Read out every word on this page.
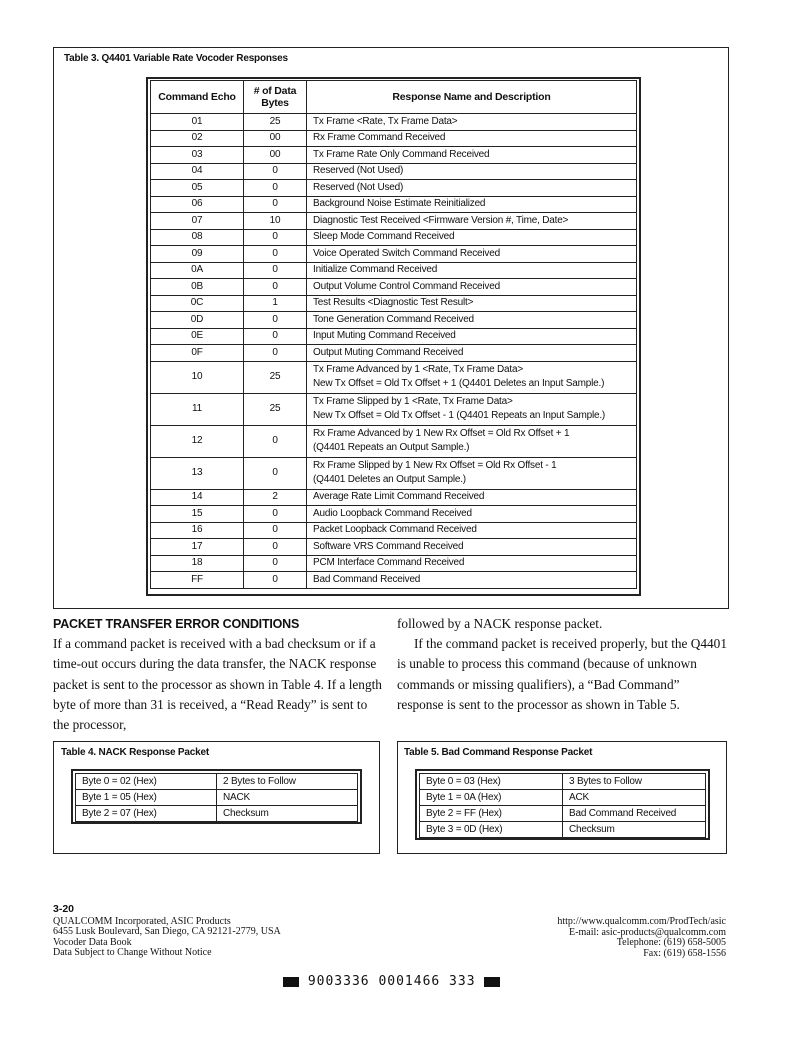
Table 3. Q4401 Variable Rate Vocoder Responses
Command Echo	# of Data Bytes	Response Name and Description
01	25	Tx Frame <Rate, Tx Frame Data>

02	00	Rx Frame Command Received

03	00	Tx Frame Rate Only Command Received

04	0	Reserved (Not Used)

05	0	Reserved (Not Used)

06	0	Background Noise Estimate Reinitialized

07	10	Diagnostic Test Received <Firmware Version #, Time, Date>

08	0	Sleep Mode Command Received

09	0	Voice Operated Switch Command Received

0A	0	Initialize Command Received

0B	0	Output Volume Control Command Received

0C	1	Test Results <Diagnostic Test Result>

0D	0	Tone Generation Command Received

0E	0	Input Muting Command Received

0F	0	Output Muting Command Received

10	25	Tx Frame Advanced by 1 <Rate, Tx Frame Data>
New Tx Offset = Old Tx Offset + 1 (Q4401 Deletes an Input Sample.)

11	25	Tx Frame Slipped by 1 <Rate, Tx Frame Data>
New Tx Offset = Old Tx Offset - 1 (Q4401 Repeats an Input Sample.)

12	0	Rx Frame Advanced by 1 New Rx Offset = Old Rx Offset + 1
(Q4401 Repeats an Output Sample.)

13	0	Rx Frame Slipped by 1 New Rx Offset = Old Rx Offset - 1
(Q4401 Deletes an Output Sample.)

14	2	Average Rate Limit Command Received

15	0	Audio Loopback Command Received

16	0	Packet Loopback Command Received

17	0	Software VRS Command Received

18	0	PCM Interface Command Received

FF	0	Bad Command Received
PACKET TRANSFER ERROR CONDITIONS

If a command packet is received with a bad checksum or if a time-out occurs during the data transfer, the NACK response packet is sent to the processor as shown in Table 4. If a length byte of more than 31 is received, a “Read Ready” is sent to the processor,

followed by a NACK response packet.

If the command packet is received properly, but the Q4401 is unable to process this command (because of unknown commands or missing qualifiers), a “Bad Command” response is sent to the processor as shown in Table 5.

Table 4. NACK Response Packet
Byte 0 = 02 (Hex)	2 Bytes to Follow
Byte 1 = 05 (Hex)	NACK
Byte 2 = 07 (Hex)	Checksum
Table 5. Bad Command Response Packet
Byte 0 = 03 (Hex)	3 Bytes to Follow
Byte 1 = 0A (Hex)	ACK
Byte 2 = FF (Hex)	Bad Command Received
Byte 3 = 0D (Hex)	Checksum
3-20
QUALCOMM Incorporated, ASIC Products
6455 Lusk Boulevard, San Diego, CA 92121-2779, USA
Vocoder Data Book
Data Subject to Change Without Notice
http://www.qualcomm.com/ProdTech/asic
E-mail: asic-products@qualcomm.com
Telephone: (619) 658-5005
Fax: (619) 658-1556
9003336 0001466 333
